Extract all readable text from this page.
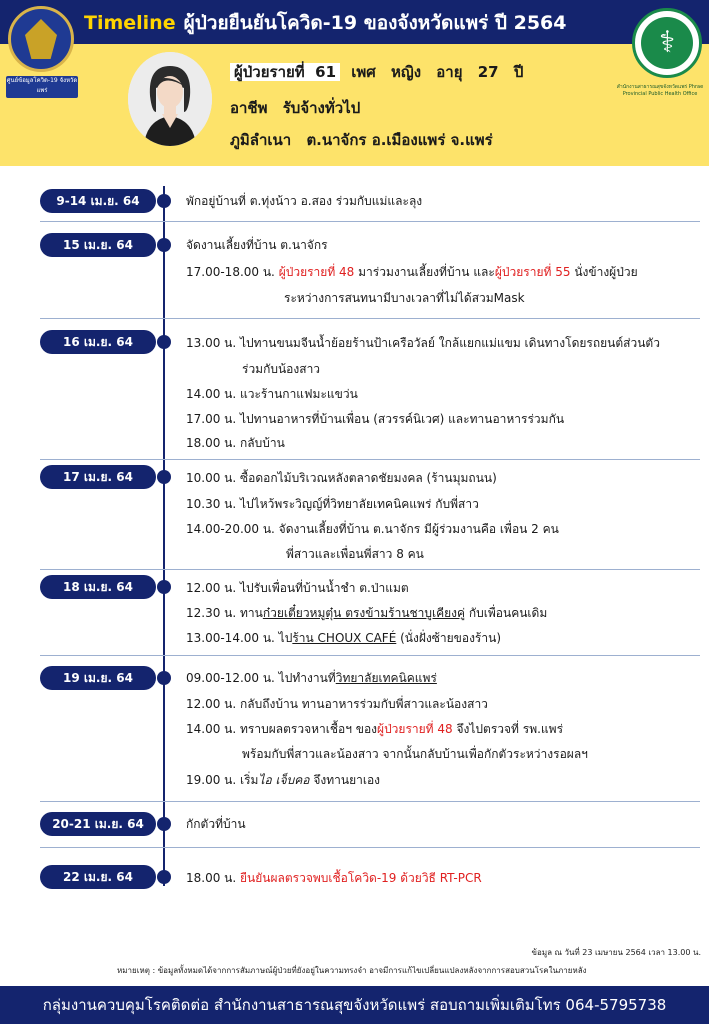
Timeline ผู้ป่วยยืนยันโควิด-19 ของจังหวัดแพร่ ปี 2564
ศูนย์ข้อมูลโควิด-19 จังหวัดแพร่
⚕
สำนักงานสาธารณสุขจังหวัดแพร่ Phrae Provincial Public Health Office
ผู้ป่วยรายที่ 61 เพศ หญิง อายุ 27 ปี
อาชีพ รับจ้างทั่วไป
ภูมิลำเนา ต.นาจักร อ.เมืองแพร่ จ.แพร่
9-14 เม.ย. 64	พักอยู่บ้านที่ ต.ทุ่งน้าว อ.สอง ร่วมกับแม่และลุง
15 เม.ย. 64	จัดงานเลี้ยงที่บ้าน ต.นาจักร
17.00-18.00 น. ผู้ป่วยรายที่ 48 มาร่วมงานเลี้ยงที่บ้าน และผู้ป่วยรายที่ 55 นั่งข้างผู้ป่วย
ระหว่างการสนทนามีบางเวลาที่ไม่ได้สวมMask
16 เม.ย. 64	13.00 น. ไปทานขนมจีนน้ำย้อยร้านป้าเครือวัลย์ ใกล้แยกแม่แขม เดินทางโดยรถยนต์ส่วนตัว
ร่วมกับน้องสาว
14.00 น. แวะร้านกาแฟมะแขว่น
17.00 น. ไปทานอาหารที่บ้านเพื่อน (สวรรค์นิเวศ) และทานอาหารร่วมกัน
18.00 น. กลับบ้าน
17 เม.ย. 64	10.00 น. ซื้อดอกไม้บริเวณหลังตลาดชัยมงคล (ร้านมุมถนน)
10.30 น. ไปไหว้พระวิญญ์ที่วิทยาลัยเทคนิคแพร่ กับพี่สาว
14.00-20.00 น. จัดงานเลี้ยงที่บ้าน ต.นาจักร มีผู้ร่วมงานคือ เพื่อน 2 คน
พี่สาวและเพื่อนพี่สาว 8 คน
18 เม.ย. 64	12.00 น. ไปรับเพื่อนที่บ้านน้ำชำ ต.ป่าแมต
12.30 น. ทานก๋วยเตี๋ยวหมูตุ๋น ตรงข้ามร้านชาบูเคียงคู่ กับเพื่อนคนเดิม
13.00-14.00 น. ไปร้าน CHOUX CAFÉ (นั่งฝั่งซ้ายของร้าน)
19 เม.ย. 64	09.00-12.00 น. ไปทำงานที่วิทยาลัยเทคนิคแพร่
12.00 น. กลับถึงบ้าน ทานอาหารร่วมกับพี่สาวและน้องสาว
14.00 น. ทราบผลตรวจหาเชื้อฯ ของผู้ป่วยรายที่ 48 จึงไปตรวจที่ รพ.แพร่
พร้อมกับพี่สาวและน้องสาว จากนั้นกลับบ้านเพื่อกักตัวระหว่างรอผลฯ
19.00 น. เริ่มไอ เจ็บคอ จึงทานยาเอง
20-21 เม.ย. 64	กักตัวที่บ้าน
22 เม.ย. 64	18.00 น. ยืนยันผลตรวจพบเชื้อโควิด-19 ด้วยวิธี RT-PCR
ข้อมูล ณ วันที่ 23 เมษายน 2564 เวลา 13.00 น.
หมายเหตุ : ข้อมูลทั้งหมดได้จากการสัมภาษณ์ผู้ป่วยที่ยังอยู่ในความทรงจำ อาจมีการแก้ไขเปลี่ยนแปลงหลังจากการสอบสวนโรคในภายหลัง
กลุ่มงานควบคุมโรคติดต่อ สำนักงานสาธารณสุขจังหวัดแพร่ สอบถามเพิ่มเติมโทร 064-5795738
